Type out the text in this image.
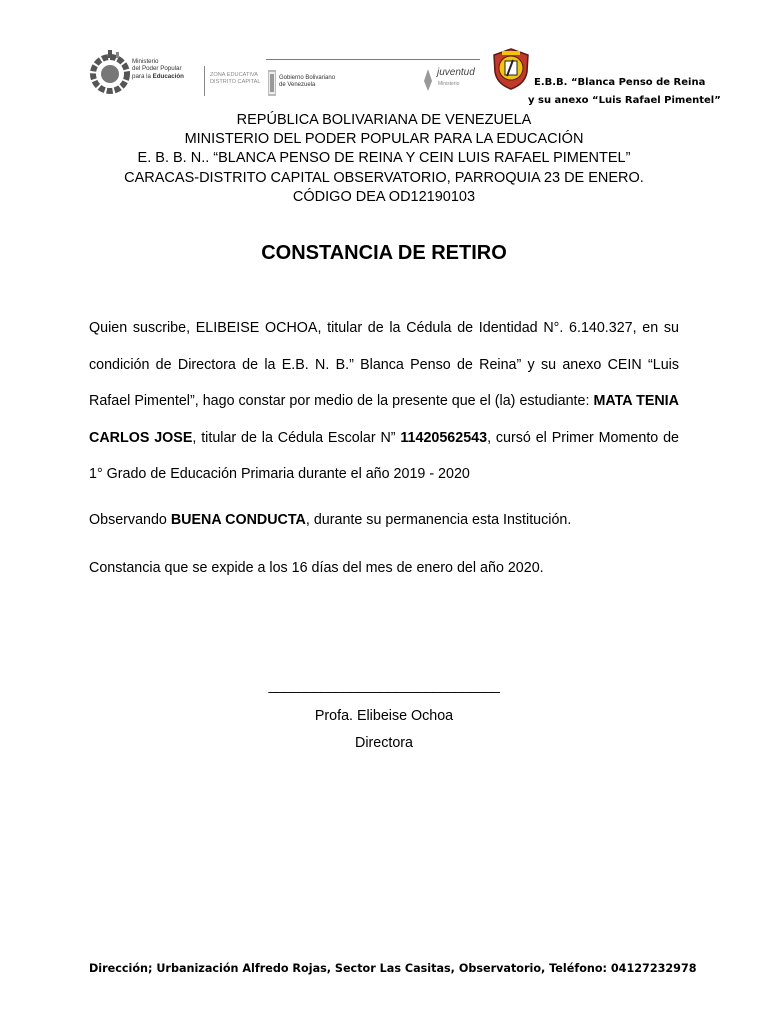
Ministerio
del Poder Popular
para la Educación	ZONA EDUCATIVA
DISTRITO CAPITAL
Gobierno Bolivariano
de Venezuela
juventud
Ministerio	E.B.B. “Blanca Penso de Reina
y su anexo “Luis Rafael Pimentel”
REPÚBLICA BOLIVARIANA DE VENEZUELA
MINISTERIO DEL PODER POPULAR PARA LA EDUCACIÓN
E. B. B. N.. “BLANCA PENSO DE REINA Y CEIN LUIS RAFAEL PIMENTEL”
CARACAS-DISTRITO CAPITAL OBSERVATORIO, PARROQUIA 23 DE ENERO.
CÓDIGO DEA OD12190103
CONSTANCIA DE RETIRO
Quien suscribe, ELIBEISE OCHOA, titular de la Cédula de Identidad N°. 6.140.327, en su condición de Directora de la E.B. N. B.” Blanca Penso de Reina” y su anexo CEIN “Luis Rafael Pimentel”, hago constar por medio de la presente que el (la) estudiante: MATA TENIA CARLOS JOSE, titular de la Cédula Escolar N” 11420562543, cursó el Primer Momento de 1° Grado de Educación Primaria durante el año 2019 - 2020
Observando BUENA CONDUCTA, durante su permanencia esta Institución.
Constancia que se expide a los 16 días del mes de enero del año 2020.
_______________________________
Profa. Elibeise Ochoa
Directora
Dirección; Urbanización Alfredo Rojas, Sector Las Casitas, Observatorio, Teléfono: 04127232978
